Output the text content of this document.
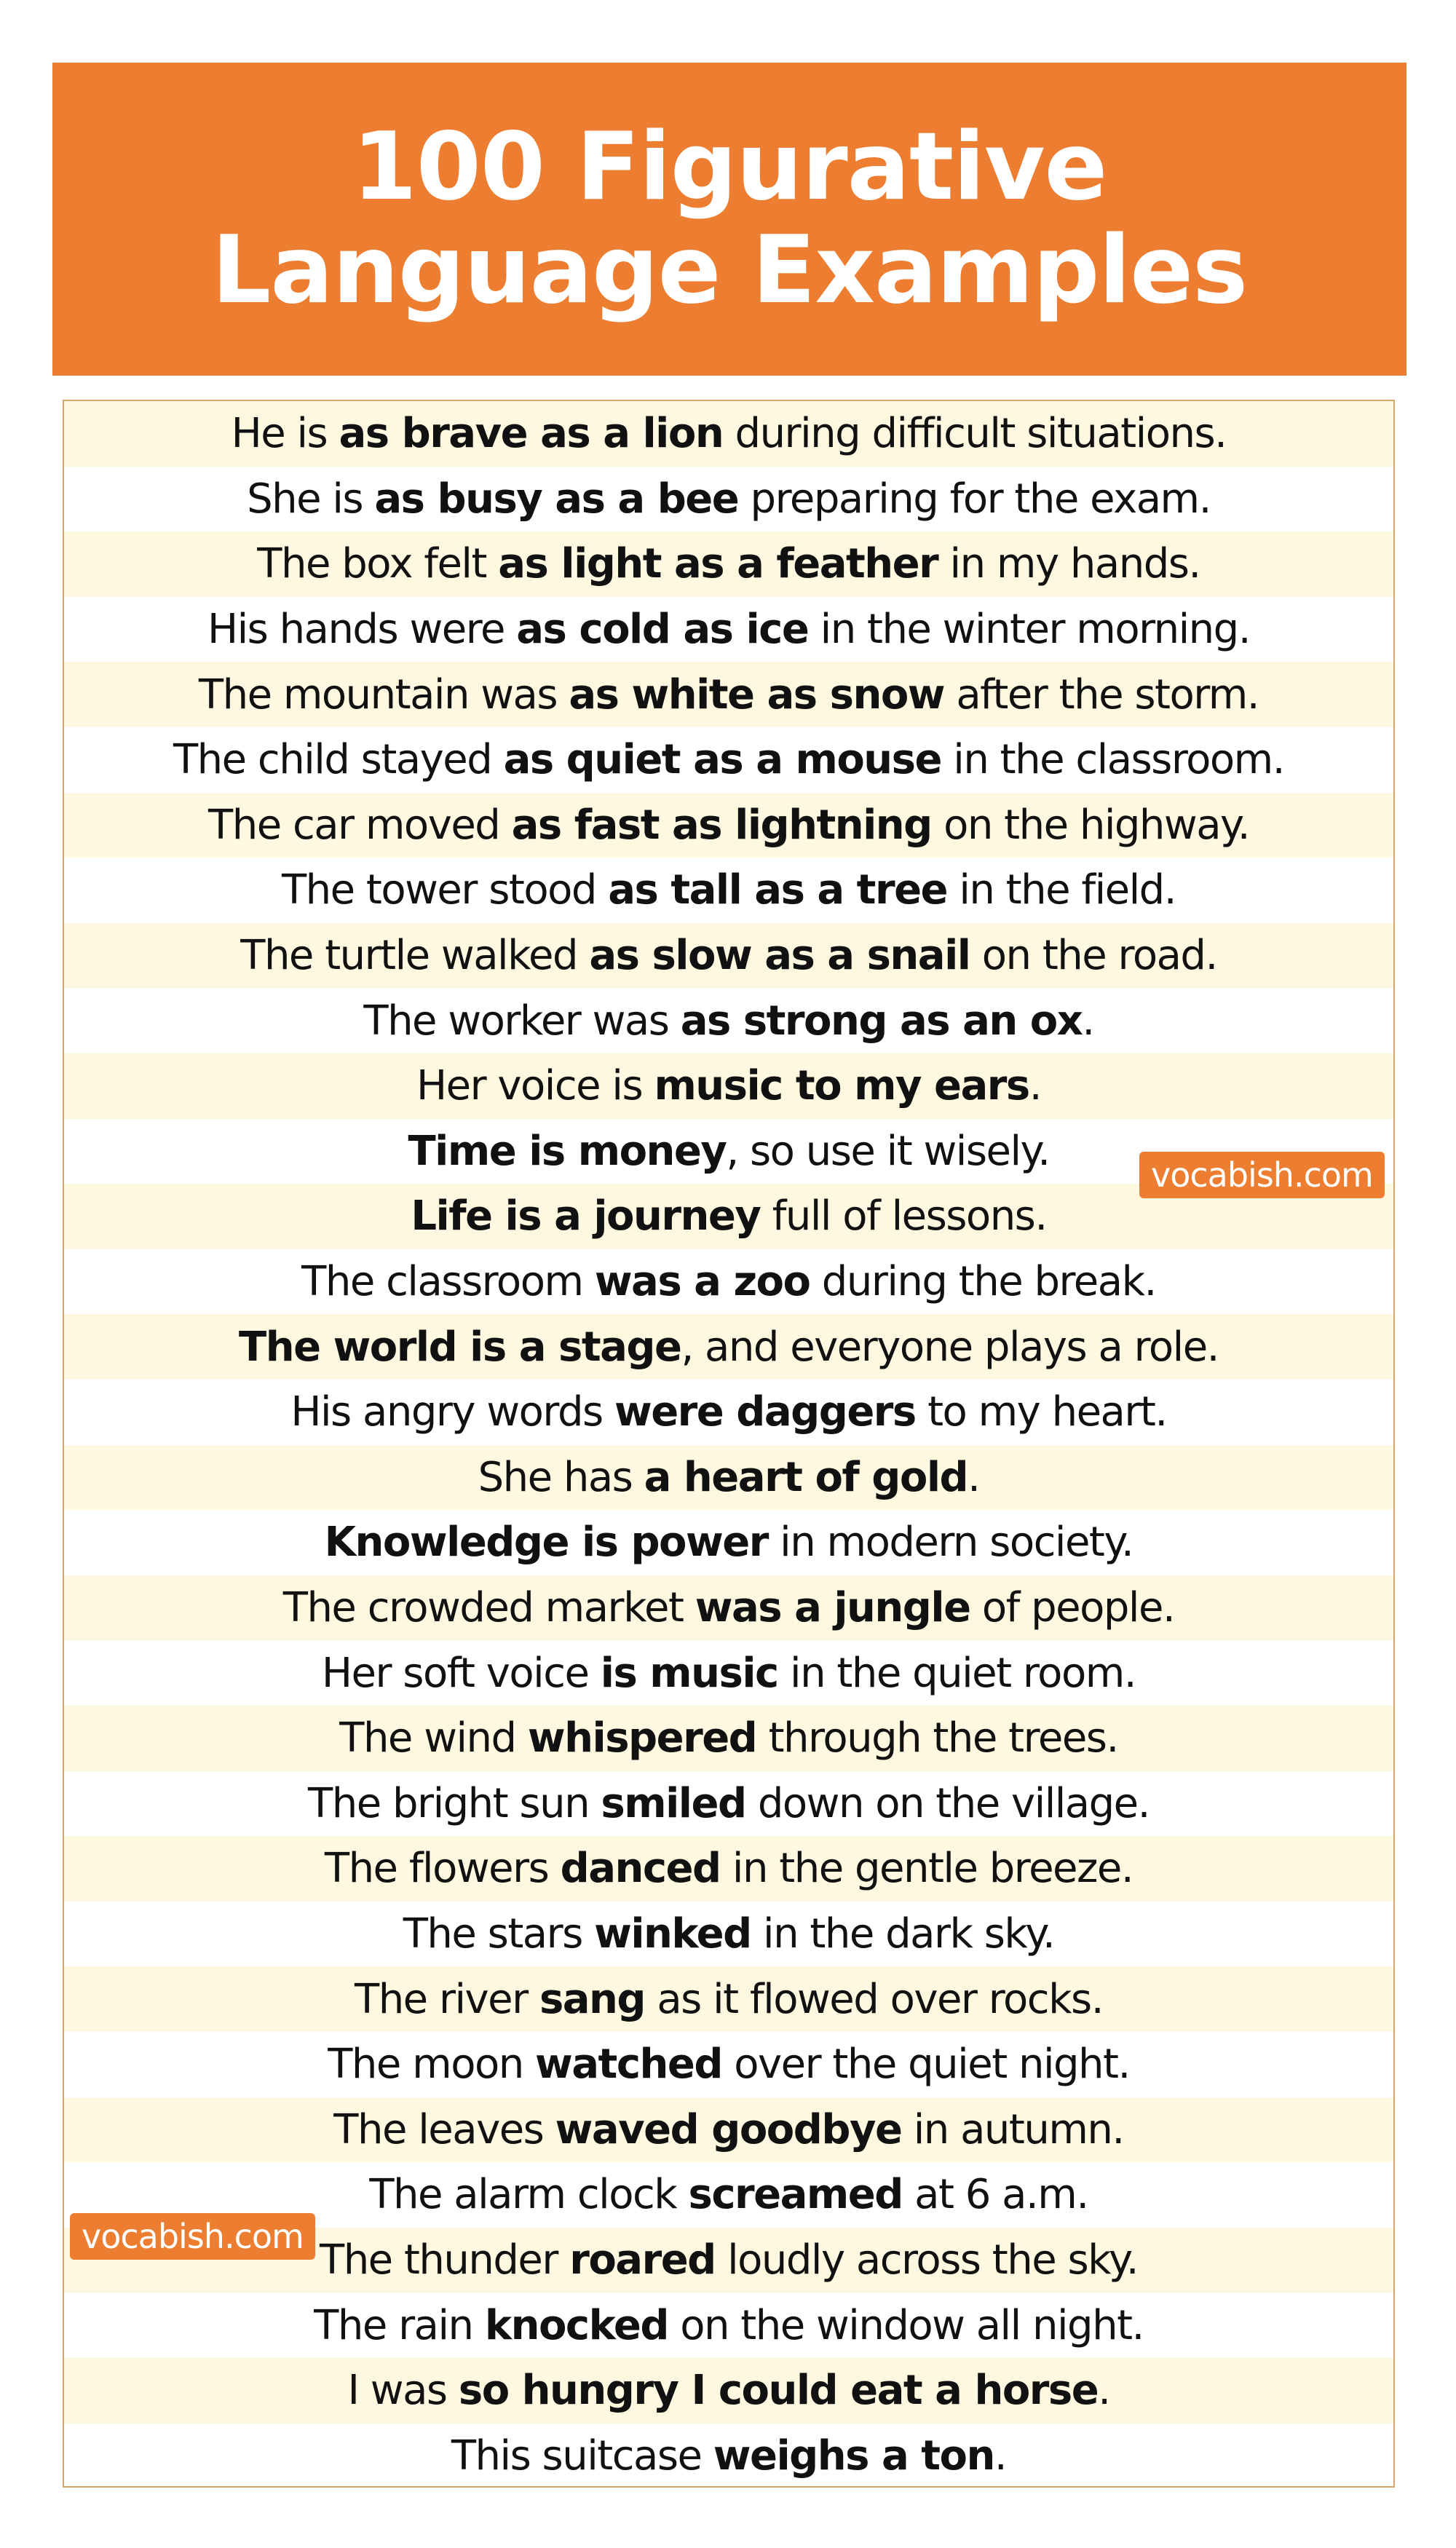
100 Figurative
Language Examples
He is as brave as a lion during difficult situations.
She is as busy as a bee preparing for the exam.
The box felt as light as a feather in my hands.
His hands were as cold as ice in the winter morning.
The mountain was as white as snow after the storm.
The child stayed as quiet as a mouse in the classroom.
The car moved as fast as lightning on the highway.
The tower stood as tall as a tree in the field.
The turtle walked as slow as a snail on the road.
The worker was as strong as an ox .
Her voice is music to my ears .
Time is money , so use it wisely.
Life is a journey full of lessons.
The classroom was a zoo during the break.
The world is a stage , and everyone plays a role.
His angry words were daggers to my heart.
She has a heart of gold .
Knowledge is power in modern society.
The crowded market was a jungle of people.
Her soft voice is music in the quiet room.
The wind whispered through the trees.
The bright sun smiled down on the village.
The flowers danced in the gentle breeze.
The stars winked in the dark sky.
The river sang as it flowed over rocks.
The moon watched over the quiet night.
The leaves waved goodbye in autumn.
The alarm clock screamed at 6 a.m.
The thunder roared loudly across the sky.
The rain knocked on the window all night.
I was so hungry I could eat a horse .
This suitcase weighs a ton .
vocabish.com
vocabish.com
